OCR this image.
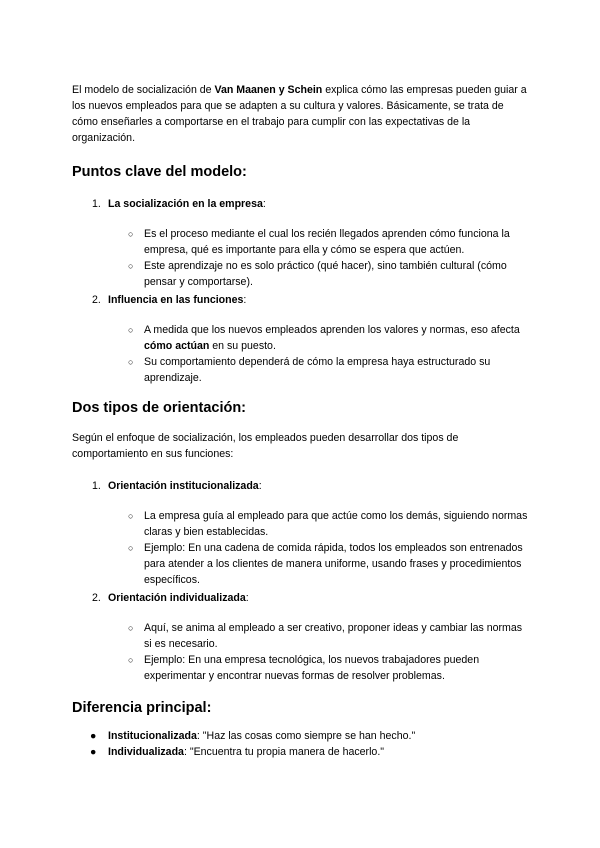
El modelo de socialización de Van Maanen y Schein explica cómo las empresas pueden guiar a los nuevos empleados para que se adapten a su cultura y valores. Básicamente, se trata de cómo enseñarles a comportarse en el trabajo para cumplir con las expectativas de la organización.

Puntos clave del modelo:
1. La socialización en la empresa:
○ Es el proceso mediante el cual los recién llegados aprenden cómo funciona la empresa, qué es importante para ella y cómo se espera que actúen.
○ Este aprendizaje no es solo práctico (qué hacer), sino también cultural (cómo pensar y comportarse).
2. Influencia en las funciones:
○ A medida que los nuevos empleados aprenden los valores y normas, eso afecta cómo actúan en su puesto.
○ Su comportamiento dependerá de cómo la empresa haya estructurado su aprendizaje.
Dos tipos de orientación:

Según el enfoque de socialización, los empleados pueden desarrollar dos tipos de comportamiento en sus funciones:

1. Orientación institucionalizada:
○ La empresa guía al empleado para que actúe como los demás, siguiendo normas claras y bien establecidas.
○ Ejemplo: En una cadena de comida rápida, todos los empleados son entrenados para atender a los clientes de manera uniforme, usando frases y procedimientos específicos.
2. Orientación individualizada:
○ Aquí, se anima al empleado a ser creativo, proponer ideas y cambiar las normas si es necesario.
○ Ejemplo: En una empresa tecnológica, los nuevos trabajadores pueden experimentar y encontrar nuevas formas de resolver problemas.
Diferencia principal:
● Institucionalizada: "Haz las cosas como siempre se han hecho."
● Individualizada: "Encuentra tu propia manera de hacerlo."
